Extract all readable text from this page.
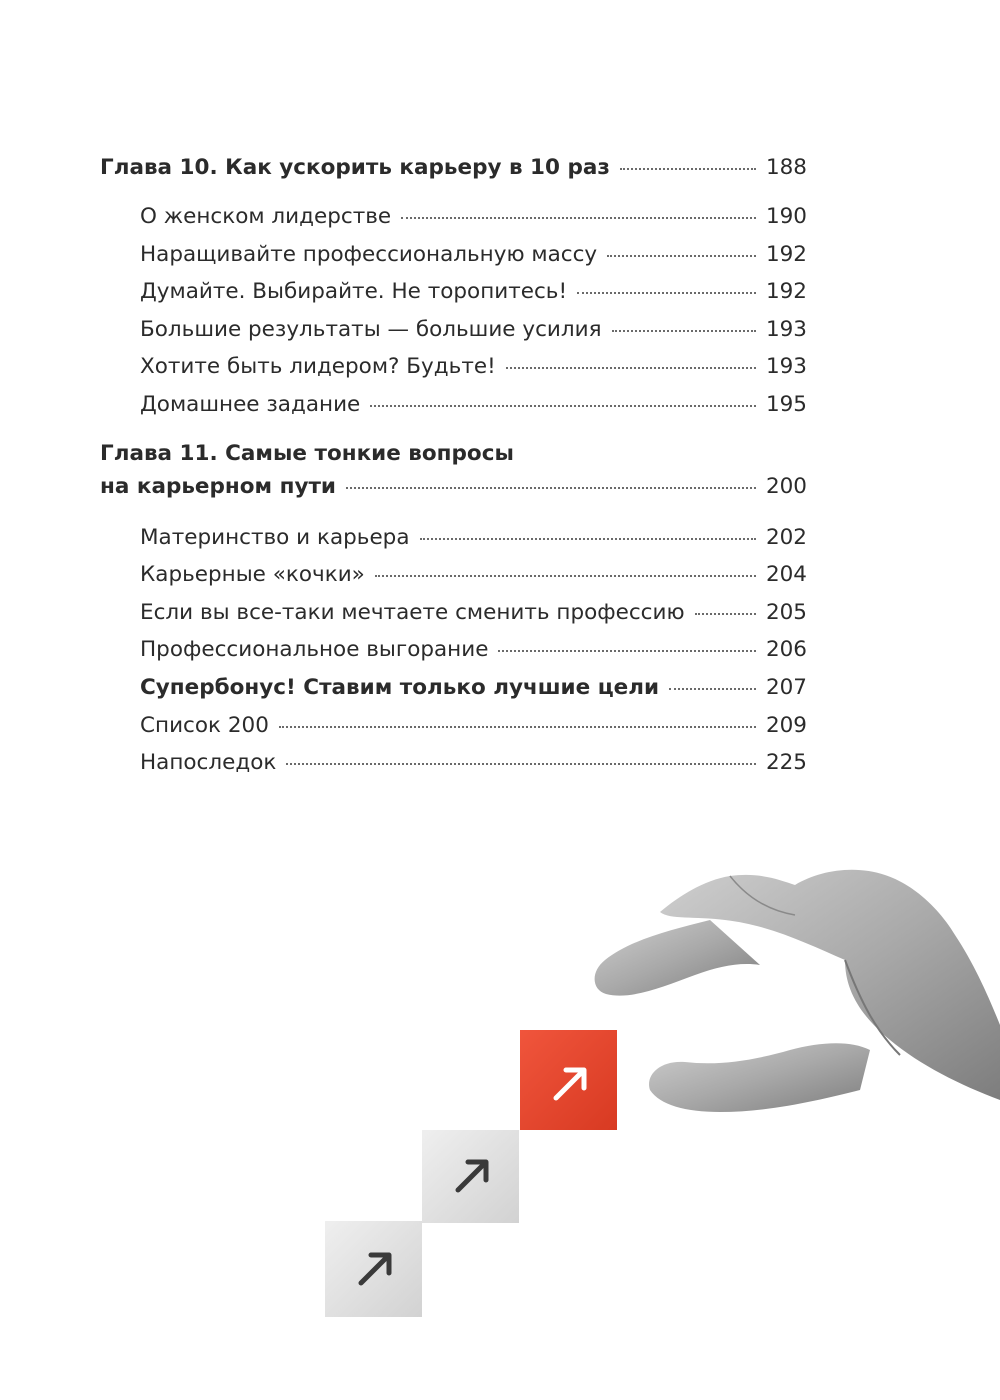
Глава 10. Как ускорить карьеру в 10 раз	188
О женском лидерстве	190
Наращивайте профессиональную массу	192
Думайте. Выбирайте. Не торопитесь!	192
Большие результаты — большие усилия	193
Хотите быть лидером? Будьте!	193
Домашнее задание	195
Глава 11. Самые тонкие вопросы
на карьерном пути	200
Материнство и карьера	202
Карьерные «кочки»	204
Если вы все-таки мечтаете сменить профессию	205
Профессиональное выгорание	206
Супербонус! Ставим только лучшие цели	207
Список 200	209
Напоследок	225
